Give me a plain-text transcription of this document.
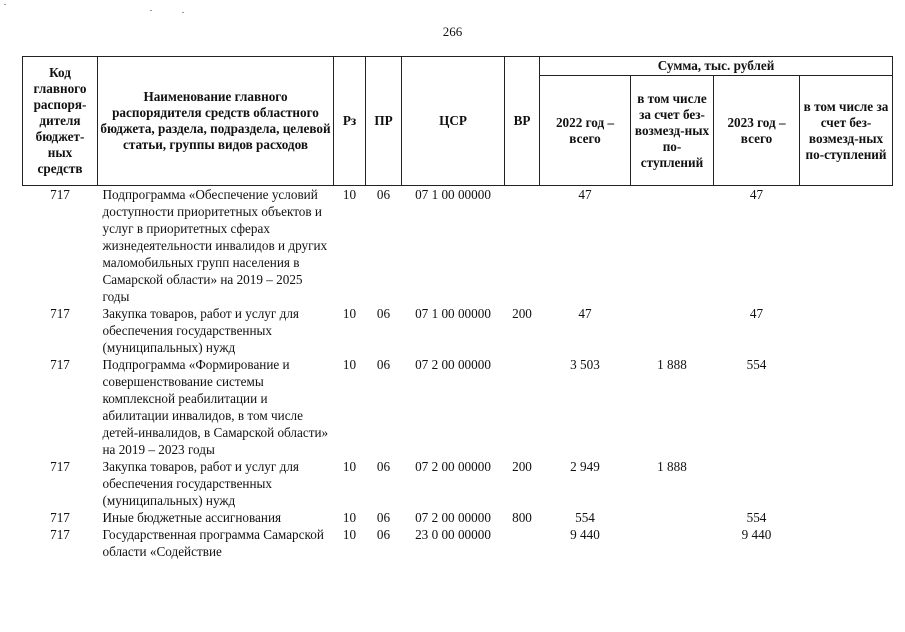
266
Код главного распоря-дителя бюджет-ных средств	Наименование главного распорядителя средств областного бюджета, раздела, подраздела, целевой статьи, группы видов расходов	Рз	ПР	ЦСР	ВР	Сумма, тыс. рублей			
						2022 год – всего	в том числе за счет без-возмезд-ных по-ступлений	2023 год – всего	в том числе за счет без-возмезд-ных по-ступлений
717	Подпрограмма «Обеспечение условий доступности приоритетных объектов и услуг в приоритетных сферах жизнедеятельности инвалидов и других маломобильных групп населения в Самарской области» на 2019 – 2025 годы	10	06	07 1 00 00000		47		47	
717	Закупка товаров, работ и услуг для обеспечения государственных (муниципальных) нужд	10	06	07 1 00 00000	200	47		47	
717	Подпрограмма «Формирование и совершенствование системы комплексной реабилитации и абилитации инвалидов, в том числе детей-инвалидов, в Самарской области» на 2019 – 2023 годы	10	06	07 2 00 00000		3 503	1 888	554	
717	Закупка товаров, работ и услуг для обеспечения государственных (муниципальных) нужд	10	06	07 2 00 00000	200	2 949	1 888		
717	Иные бюджетные ассигнования	10	06	07 2 00 00000	800	554		554	
717	Государственная программа Самарской области «Содействие	10	06	23 0 00 00000		9 440		9 440	
